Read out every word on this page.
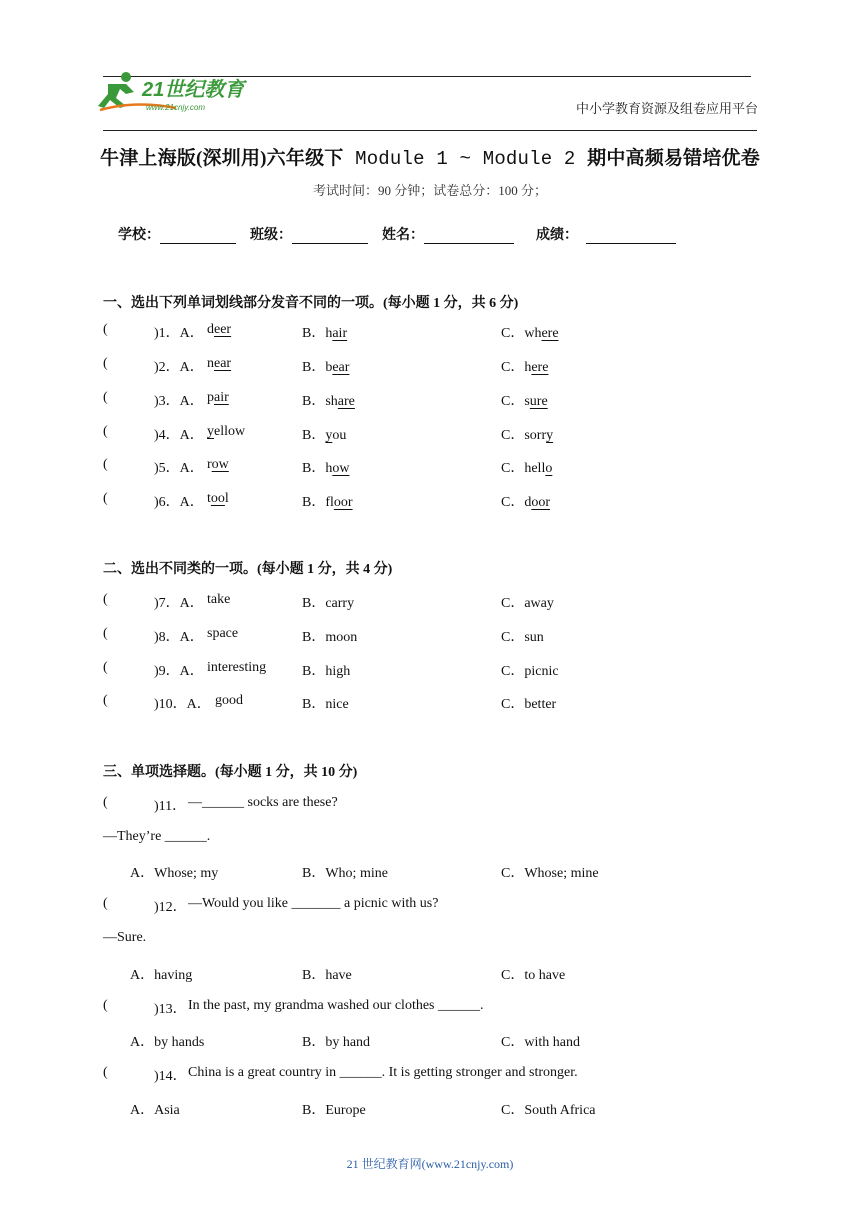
21世纪教育
www.21cnjy.com	中小学教育资源及组卷应用平台
牛津上海版(深圳用)六年级下 Module 1 ~ Module 2 期中高频易错培优卷
考试时间：90 分钟；试卷总分：100 分；
学校：	班级：	姓名：	成绩：
一、选出下列单词划线部分发音不同的一项。(每小题 1 分，共 6 分)
(	)1．A． deer	B．hair	C．where
(	)2．A． near	B．bear	C．here
(	)3．A． pair	B．share	C．sure
(	)4．A． yellow	B．you	C．sorry
(	)5．A． row	B．how	C．hello
(	)6．A． tool	B．floor	C．door
二、选出不同类的一项。(每小题 1 分，共 4 分)
(	)7．A． take	B．carry	C．away
(	)8．A． space	B．moon	C．sun
(	)9．A． interesting	B．high	C．picnic
(	)10．A． good	B．nice	C．better
三、单项选择题。(每小题 1 分，共 10 分)
(	)11． —______ socks are these?
—They’re ______.
A．Whose; my	B．Who; mine	C．Whose; mine
(	)12． —Would you like _______ a picnic with us?
—Sure.
A．having	B．have	C．to have
(	)13． In the past, my grandma washed our clothes ______.
A．by hands	B．by hand	C．with hand
(	)14． China is a great country in ______. It is getting stronger and stronger.
A．Asia	B．Europe	C．South Africa
21 世纪教育网(www.21cnjy.com)
